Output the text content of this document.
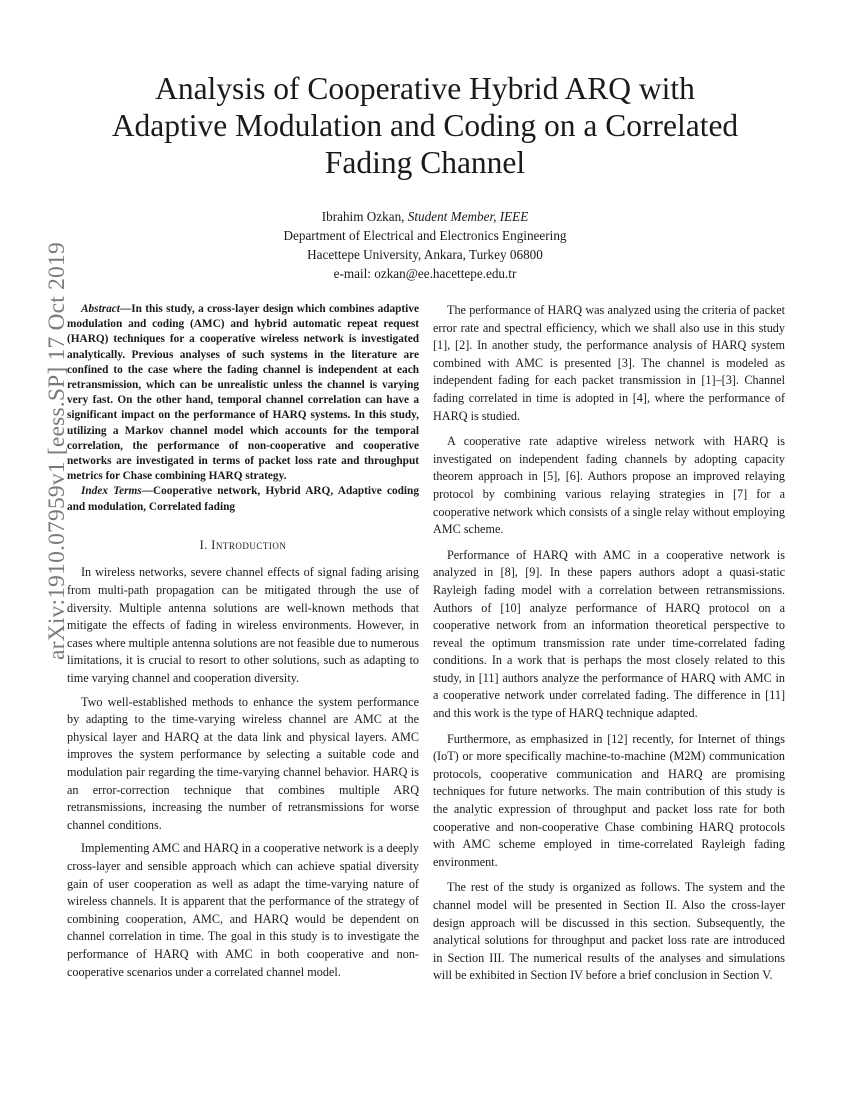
Analysis of Cooperative Hybrid ARQ with
Adaptive Modulation and Coding on a Correlated
Fading Channel
Ibrahim Ozkan, Student Member, IEEE
Department of Electrical and Electronics Engineering
Hacettepe University, Ankara, Turkey 06800
e-mail: ozkan@ee.hacettepe.edu.tr
arXiv:1910.07959v1 [eess.SP] 17 Oct 2019 Abstract—In this study, a cross-layer design which combines adaptive modulation and coding (AMC) and hybrid automatic repeat request (HARQ) techniques for a cooperative wireless network is investigated analytically. Previous analyses of such systems in the literature are confined to the case where the fading channel is independent at each retransmission, which can be unrealistic unless the channel is varying very fast. On the other hand, temporal channel correlation can have a significant impact on the performance of HARQ systems. In this study, utilizing a Markov channel model which accounts for the temporal correlation, the performance of non-cooperative and cooperative networks are investigated in terms of packet loss rate and throughput metrics for Chase combining HARQ strategy.

Index Terms—Cooperative network, Hybrid ARQ, Adaptive coding and modulation, Correlated fading

I. Introduction

In wireless networks, severe channel effects of signal fading arising from multi-path propagation can be mitigated through the use of diversity. Multiple antenna solutions are well-known methods that mitigate the effects of fading in wireless environments. However, in cases where multiple antenna solutions are not feasible due to numerous limitations, it is crucial to resort to other solutions, such as adapting to time varying channel and cooperation diversity.

Two well-established methods to enhance the system performance by adapting to the time-varying wireless channel are AMC at the physical layer and HARQ at the data link and physical layers. AMC improves the system performance by selecting a suitable code and modulation pair regarding the time-varying channel behavior. HARQ is an error-correction technique that combines multiple ARQ retransmissions, increasing the number of retransmissions for worse channel conditions.

Implementing AMC and HARQ in a cooperative network is a deeply cross-layer and sensible approach which can achieve spatial diversity gain of user cooperation as well as adapt the time-varying nature of wireless channels. It is apparent that the performance of the strategy of combining cooperation, AMC, and HARQ would be dependent on channel correlation in time. The goal in this study is to investigate the performance of HARQ with AMC in both cooperative and non-cooperative scenarios under a correlated channel model.

The performance of HARQ was analyzed using the criteria of packet error rate and spectral efficiency, which we shall also use in this study [1], [2]. In another study, the performance analysis of HARQ system combined with AMC is presented [3]. The channel is modeled as independent fading for each packet transmission in [1]–[3]. Channel fading correlated in time is adopted in [4], where the performance of HARQ is studied.

A cooperative rate adaptive wireless network with HARQ is investigated on independent fading channels by adopting capacity theorem approach in [5], [6]. Authors propose an improved relaying protocol by combining various relaying strategies in [7] for a cooperative network which consists of a single relay without employing AMC scheme.

Performance of HARQ with AMC in a cooperative network is analyzed in [8], [9]. In these papers authors adopt a quasi-static Rayleigh fading model with a correlation between retransmissions. Authors of [10] analyze performance of HARQ protocol on a cooperative network from an information theoretical perspective to reveal the optimum transmission rate under time-correlated fading conditions. In a work that is perhaps the most closely related to this study, in [11] authors analyze the performance of HARQ with AMC in a cooperative network under correlated fading. The difference in [11] and this work is the type of HARQ technique adapted.

Furthermore, as emphasized in [12] recently, for Internet of things (IoT) or more specifically machine-to-machine (M2M) communication protocols, cooperative communication and HARQ are promising techniques for future networks. The main contribution of this study is the analytic expression of throughput and packet loss rate for both cooperative and non-cooperative Chase combining HARQ protocols with AMC scheme employed in time-correlated Rayleigh fading environment.

The rest of the study is organized as follows. The system and the channel model will be presented in Section II. Also the cross-layer design approach will be discussed in this section. Subsequently, the analytical solutions for throughput and packet loss rate are introduced in Section III. The numerical results of the analyses and simulations will be exhibited in Section IV before a brief conclusion in Section V.
